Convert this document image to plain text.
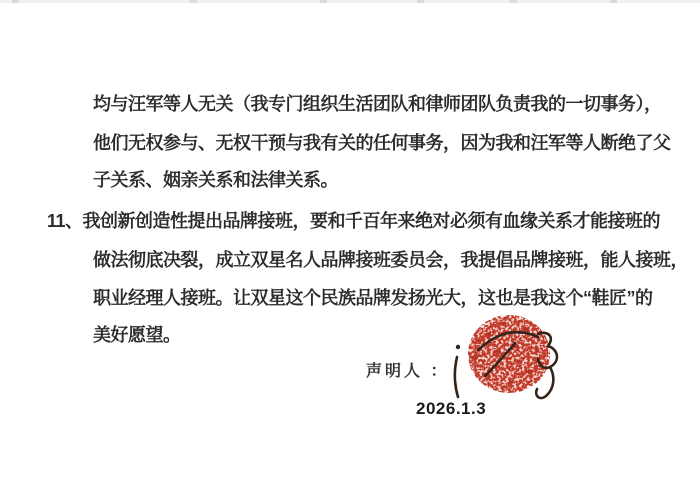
均与汪军等人无关（我专门组织生活团队和律师团队负责我的一切事务），
他们无权参与、无权干预与我有关的任何事务，因为我和汪军等人断绝了父
子关系、姻亲关系和法律关系。
11、我创新创造性提出品牌接班，要和千百年来绝对必须有血缘关系才能接班的
做法彻底决裂，成立双星名人品牌接班委员会，我提倡品牌接班，能人接班，
职业经理人接班。让双星这个民族品牌发扬光大，这也是我这个“鞋匠”的
美好愿望。
声明人 ：
2026.1.3
